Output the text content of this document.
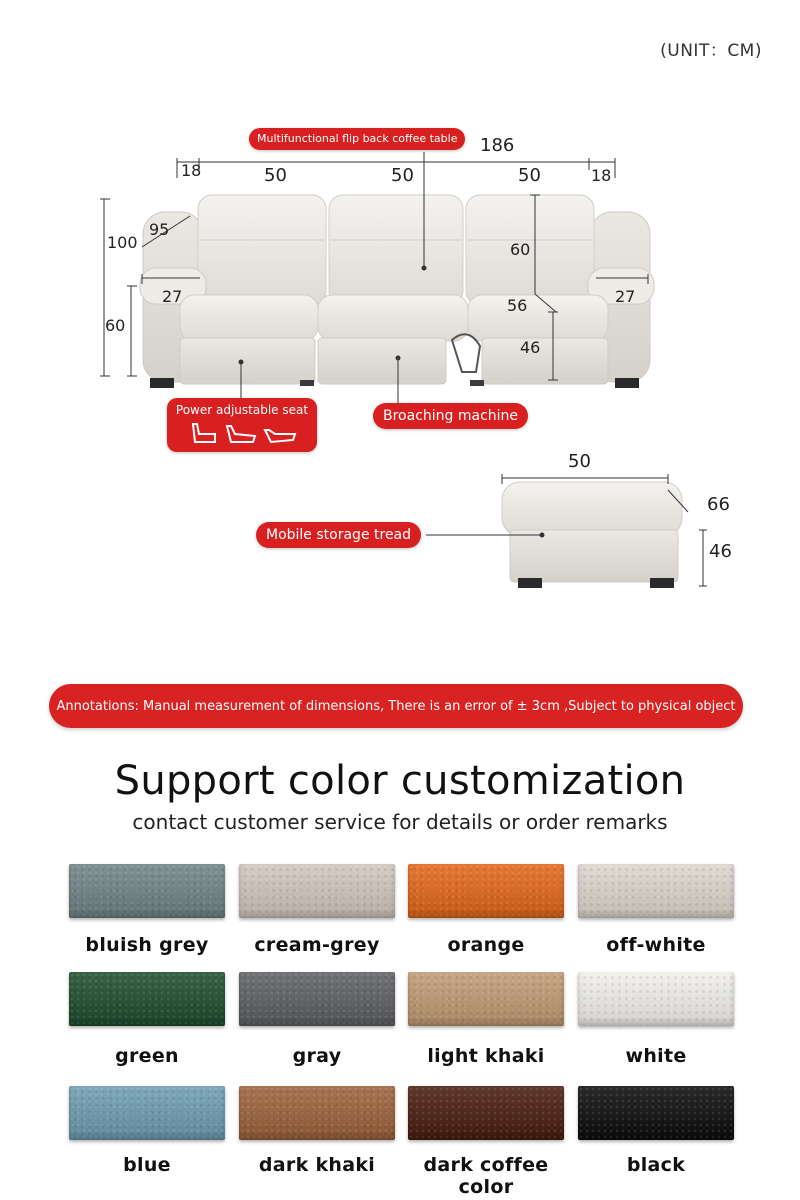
(UNIT：CM)
186
18	50	50	50	18
100
95
27	27
60
60
56
46
50
66
46
Multifunctional flip back coffee table
Power adjustable seat	Broaching machine
Mobile storage tread
Annotations: Manual measurement of dimensions, There is an error of ± 3cm ,Subject to physical object
Support color customization
contact customer service for details or order remarks
bluish grey	cream-grey	orange	off-white
green	gray	light khaki	white
blue	dark khaki	dark coffee color
black
